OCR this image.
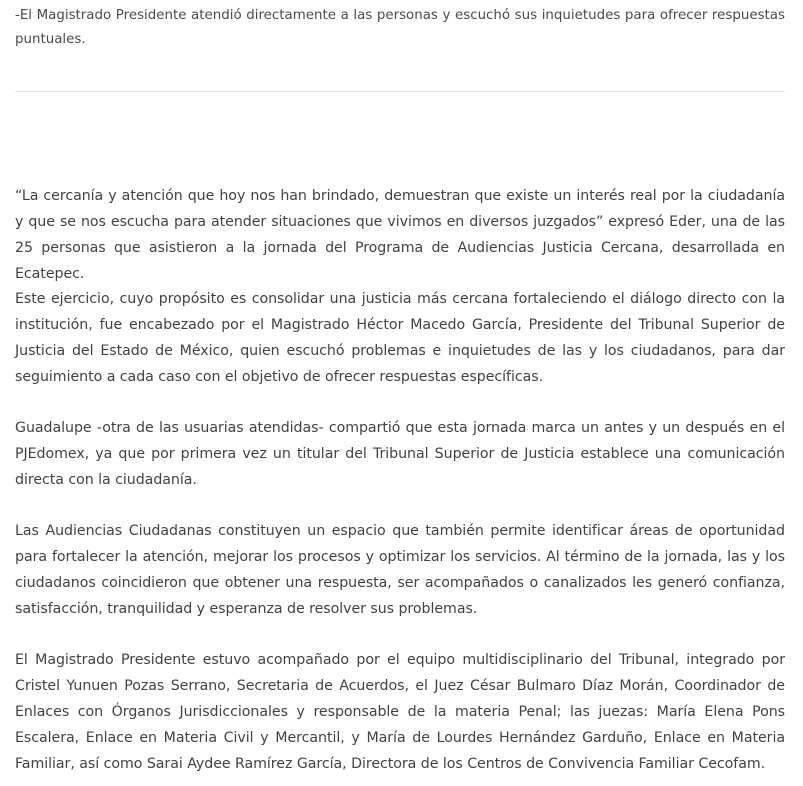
-El Magistrado Presidente atendió directamente a las personas y escuchó sus inquietudes para ofrecer respuestas puntuales.

“La cercanía y atención que hoy nos han brindado, demuestran que existe un interés real por la ciudadanía y que se nos escucha para atender situaciones que vivimos en diversos juzgados” expresó Eder, una de las 25 personas que asistieron a la jornada del Programa de Audiencias Justicia Cercana, desarrollada en Ecatepec.

Este ejercicio, cuyo propósito es consolidar una justicia más cercana fortaleciendo el diálogo directo con la institución, fue encabezado por el Magistrado Héctor Macedo García, Presidente del Tribunal Superior de Justicia del Estado de México, quien escuchó problemas e inquietudes de las y los ciudadanos, para dar seguimiento a cada caso con el objetivo de ofrecer respuestas específicas.

Guadalupe -otra de las usuarias atendidas- compartió que esta jornada marca un antes y un después en el PJEdomex, ya que por primera vez un titular del Tribunal Superior de Justicia establece una comunicación directa con la ciudadanía.

Las Audiencias Ciudadanas constituyen un espacio que también permite identificar áreas de oportunidad para fortalecer la atención, mejorar los procesos y optimizar los servicios. Al término de la jornada, las y los ciudadanos coincidieron que obtener una respuesta, ser acompañados o canalizados les generó confianza, satisfacción, tranquilidad y esperanza de resolver sus problemas.

El Magistrado Presidente estuvo acompañado por el equipo multidisciplinario del Tribunal, integrado por Cristel Yunuen Pozas Serrano, Secretaria de Acuerdos, el Juez César Bulmaro Díaz Morán, Coordinador de Enlaces con Órganos Jurisdiccionales y responsable de la materia Penal; las juezas: María Elena Pons Escalera, Enlace en Materia Civil y Mercantil, y María de Lourdes Hernández Garduño, Enlace en Materia Familiar, así como Sarai Aydee Ramírez García, Directora de los Centros de Convivencia Familiar Cecofam.
